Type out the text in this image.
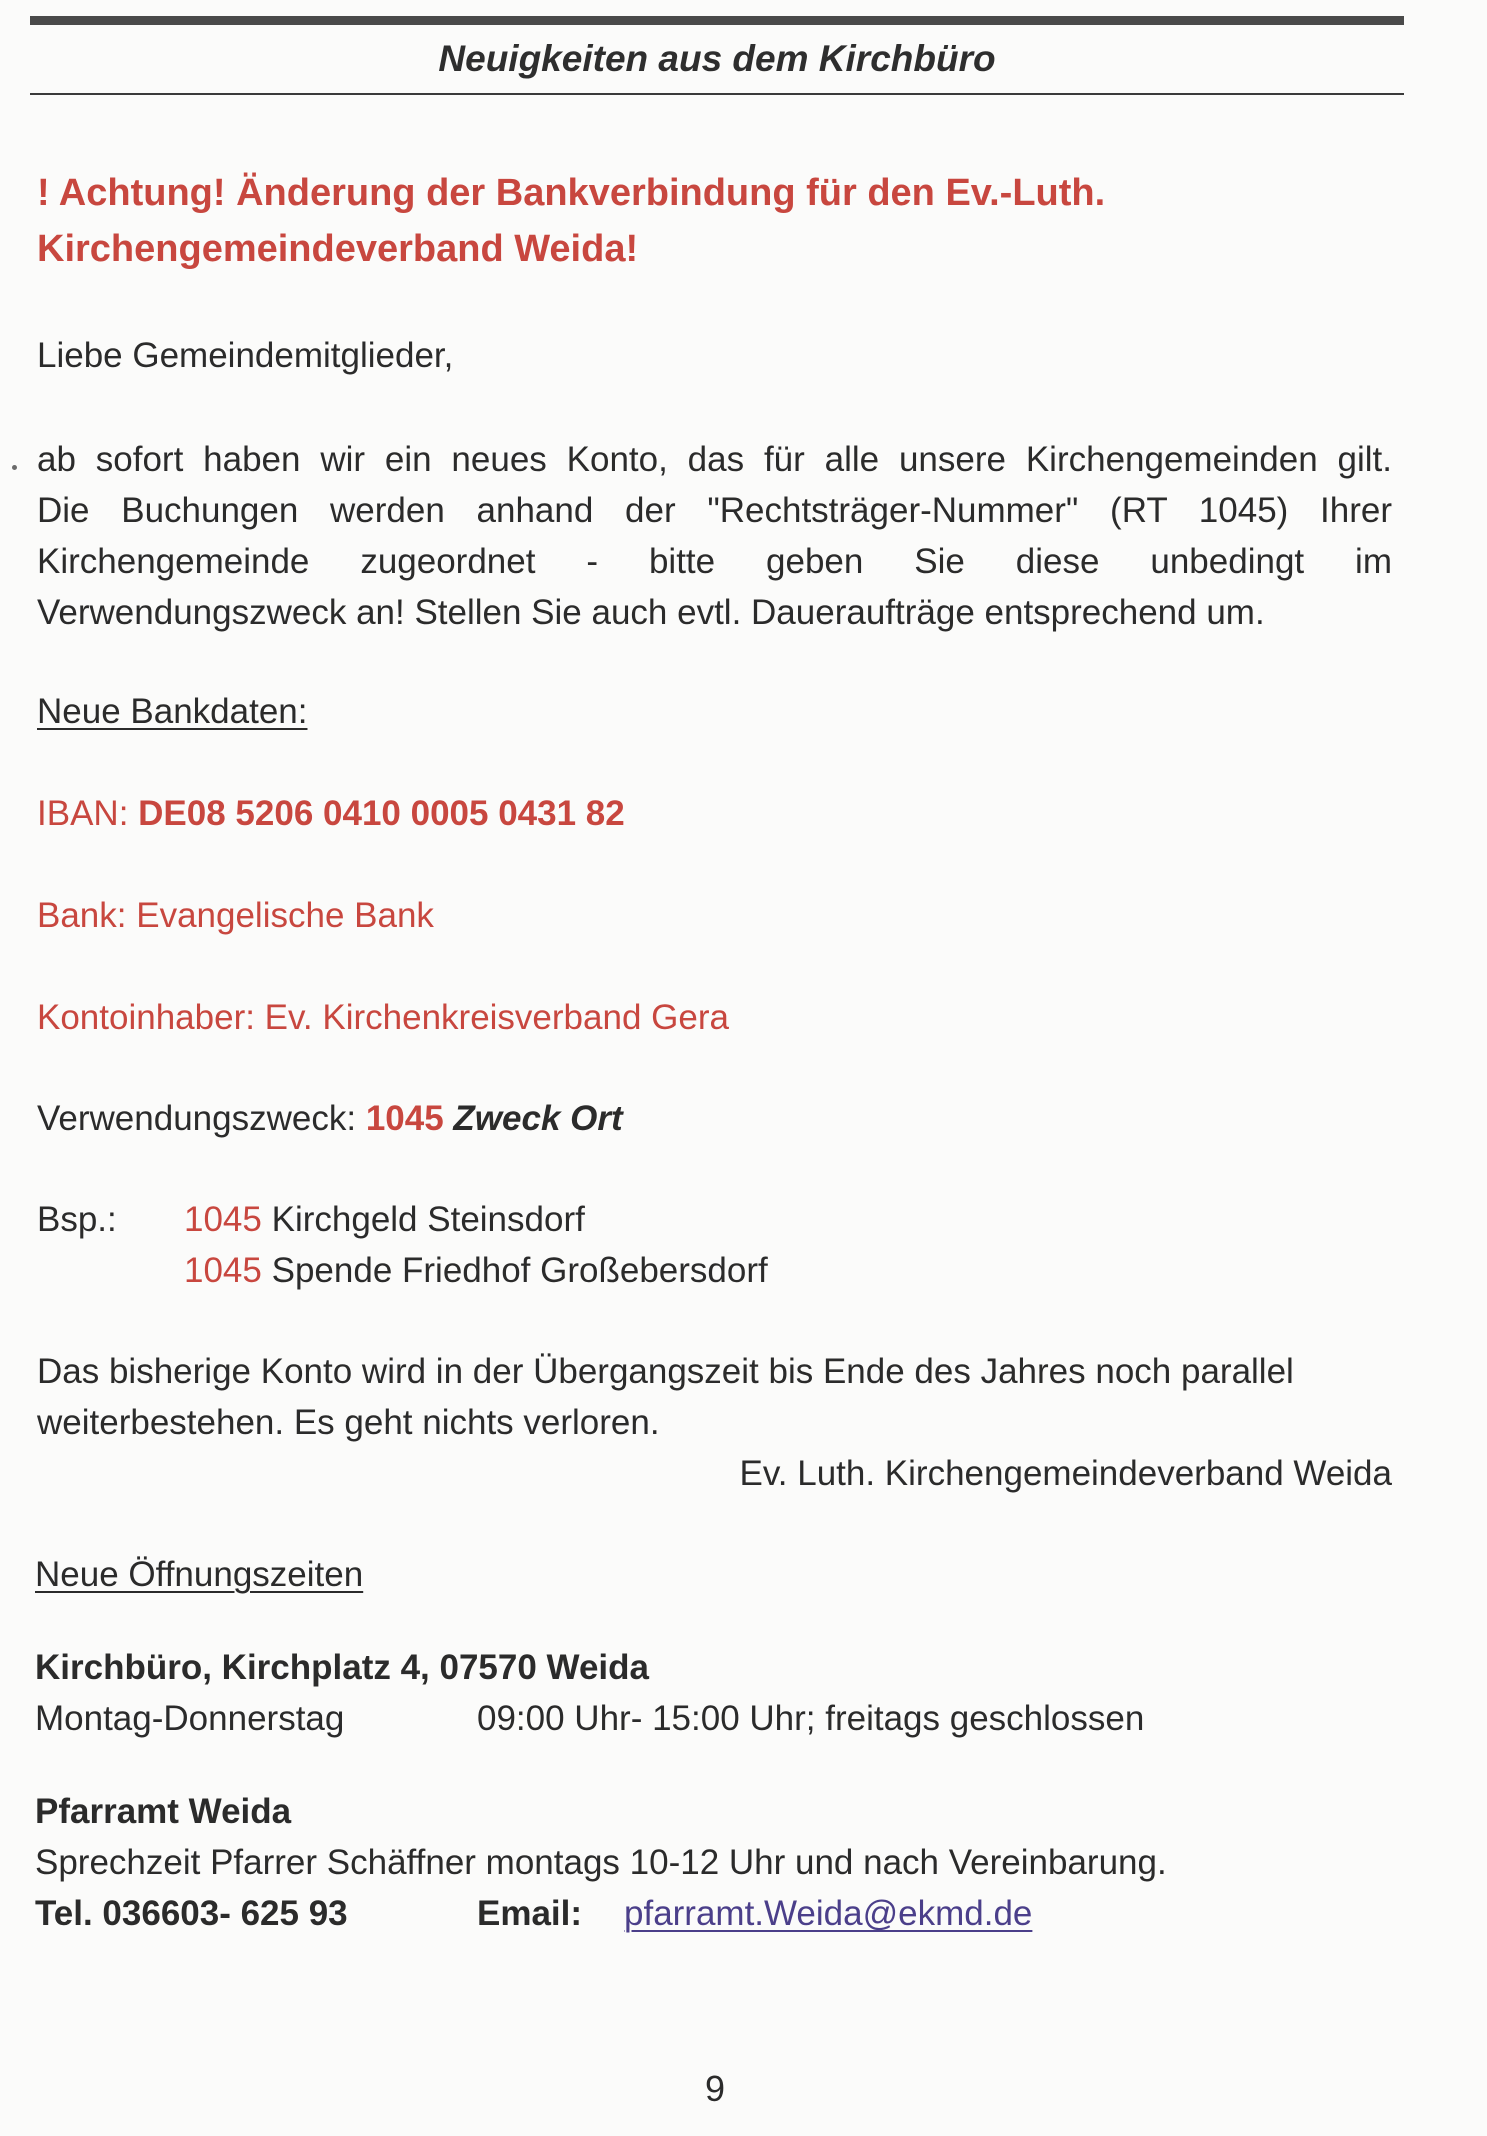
Neuigkeiten aus dem Kirchbüro
! Achtung! Änderung der Bankverbindung für den Ev.-Luth.
Kirchengemeindeverband Weida!
Liebe Gemeindemitglieder,
ab sofort haben wir ein neues Konto, das für alle unsere Kirchengemeinden gilt.
Die Buchungen werden anhand der "Rechtsträger-Nummer" (RT 1045) Ihrer
Kirchengemeinde zugeordnet - bitte geben Sie diese unbedingt im
Verwendungszweck an! Stellen Sie auch evtl. Daueraufträge entsprechend um.
Neue Bankdaten:
IBAN: DE08 5206 0410 0005 0431 82
Bank: Evangelische Bank
Kontoinhaber: Ev. Kirchenkreisverband Gera
Verwendungszweck: 1045 Zweck Ort
Bsp.: 1045 Kirchgeld Steinsdorf
1045 Spende Friedhof Großebersdorf
Das bisherige Konto wird in der Übergangszeit bis Ende des Jahres noch parallel
weiterbestehen. Es geht nichts verloren.
Ev. Luth. Kirchengemeindeverband Weida
Neue Öffnungszeiten
Kirchbüro, Kirchplatz 4, 07570 Weida
Montag-Donnerstag	09:00 Uhr- 15:00 Uhr; freitags geschlossen
Pfarramt Weida
Sprechzeit Pfarrer Schäffner montags 10-12 Uhr und nach Vereinbarung.
Tel. 036603- 625 93	Email: pfarramt.Weida@ekmd.de
9
